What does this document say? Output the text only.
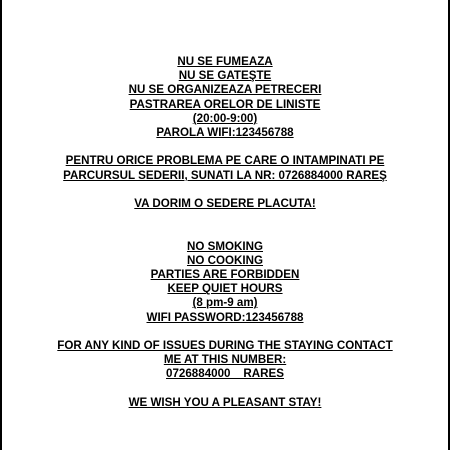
NU SE FUMEAZA
NU SE GATEŞTE
NU SE ORGANIZEAZA PETRECERI
PASTRAREA ORELOR DE LINISTE
(20:00-9:00)
PAROLA WIFI:123456788
PENTRU ORICE PROBLEMA PE CARE O INTAMPINATI PE
PARCURSUL SEDERII, SUNATI LA NR: 0726884000 RAREŞ
VA DORIM O SEDERE PLACUTA!
NO SMOKING
NO COOKING
PARTIES ARE FORBIDDEN
KEEP QUIET HOURS
(8 pm-9 am)
WIFI PASSWORD:123456788
FOR ANY KIND OF ISSUES DURING THE STAYING CONTACT
ME AT THIS NUMBER:
0726884000    RARES
WE WISH YOU A PLEASANT STAY!
